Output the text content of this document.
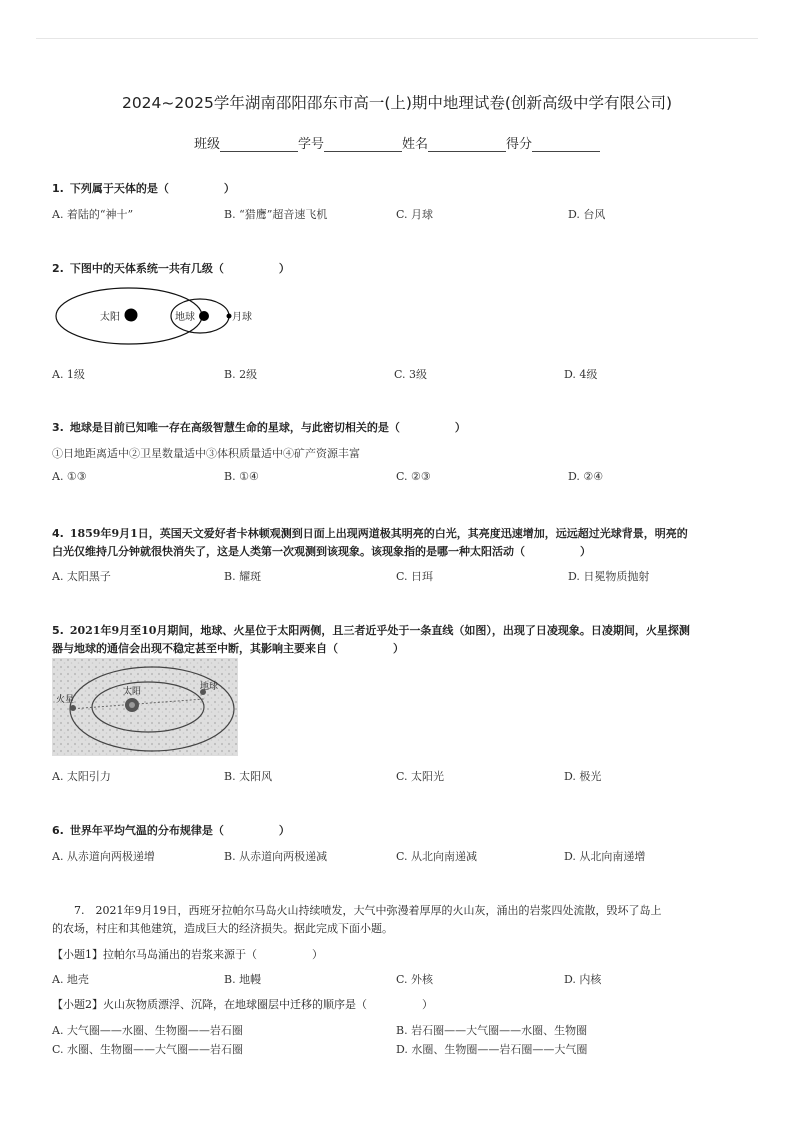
2024~2025学年湖南邵阳邵东市高一(上)期中地理试卷(创新高级中学有限公司)
班级	学号	姓名	得分
1. 下列属于天体的是（　　　　　）
A. 着陆的“神十”	B. “猎鹰”超音速飞机	C. 月球	D. 台风
2. 下图中的天体系统一共有几级（　　　　　）
太阳	地球	月球
A. 1级	B. 2级	C. 3级	D. 4级
3. 地球是目前已知唯一存在高级智慧生命的星球，与此密切相关的是（　　　　　）
①日地距离适中②卫星数量适中③体积质量适中④矿产资源丰富
A. ①③	B. ①④	C. ②③	D. ②④
4. 1859年9月1日，英国天文爱好者卡林顿观测到日面上出现两道极其明亮的白光，其亮度迅速增加，远远超过光球背景，明亮的
白光仅维持几分钟就很快消失了，这是人类第一次观测到该现象。该现象指的是哪一种太阳活动（　　　　　）
A. 太阳黑子	B. 耀斑	C. 日珥	D. 日冕物质抛射
5. 2021年9月至10月期间，地球、火星位于太阳两侧，且三者近乎处于一条直线（如图），出现了日凌现象。日凌期间，火星探测
器与地球的通信会出现不稳定甚至中断，其影响主要来自（　　　　　）
太阳
火星
地球
A. 太阳引力	B. 太阳风	C. 太阳光	D. 极光
6. 世界年平均气温的分布规律是（　　　　　）
A. 从赤道向两极递增	B. 从赤道向两极递减	C. 从北向南递减	D. 从北向南递增
7.　2021年9月19日，西班牙拉帕尔马岛火山持续喷发，大气中弥漫着厚厚的火山灰，涌出的岩浆四处流散，毁坏了岛上
的农场，村庄和其他建筑，造成巨大的经济损失。据此完成下面小题。
【小题1】拉帕尔马岛涌出的岩浆来源于（　　　　　）
A. 地壳	B. 地幔	C. 外核	D. 内核
【小题2】火山灰物质漂浮、沉降，在地球圈层中迁移的顺序是（　　　　　）
A. 大气圈——水圈、生物圈——岩石圈	B. 岩石圈——大气圈——水圈、生物圈
C. 水圈、生物圈——大气圈——岩石圈	D. 水圈、生物圈——岩石圈——大气圈
